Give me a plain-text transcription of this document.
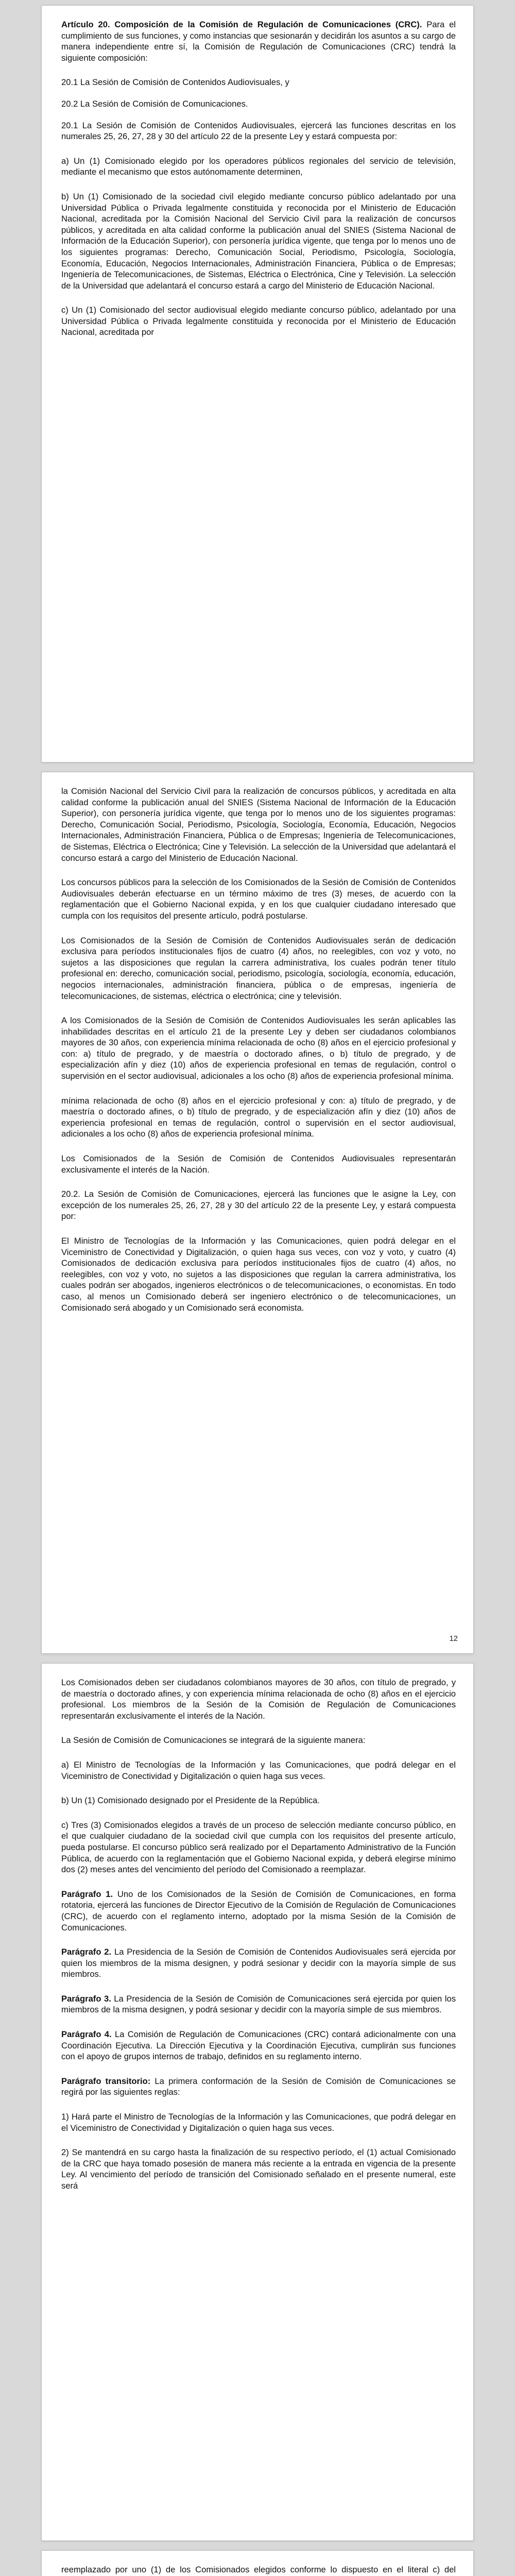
Artículo 20. Composición de la Comisión de Regulación de Comunicaciones (CRC). Para el cumplimiento de sus funciones, y como instancias que sesionarán y decidirán los asuntos a su cargo de manera independiente entre sí, la Comisión de Regulación de Comunicaciones (CRC) tendrá la siguiente composición:

20.1 La Sesión de Comisión de Contenidos Audiovisuales, y

20.2 La Sesión de Comisión de Comunicaciones.

20.1 La Sesión de Comisión de Contenidos Audiovisuales, ejercerá las funciones descritas en los numerales 25, 26, 27, 28 y 30 del artículo 22 de la presente Ley y estará compuesta por:

a) Un (1) Comisionado elegido por los operadores públicos regionales del servicio de televisión, mediante el mecanismo que estos autónomamente determinen,

b) Un (1) Comisionado de la sociedad civil elegido mediante concurso público adelantado por una Universidad Pública o Privada legalmente constituida y reconocida por el Ministerio de Educación Nacional, acreditada por la Comisión Nacional del Servicio Civil para la realización de concursos públicos, y acreditada en alta calidad conforme la publicación anual del SNIES (Sistema Nacional de Información de la Educación Superior), con personería jurídica vigente, que tenga por lo menos uno de los siguientes programas: Derecho, Comunicación Social, Periodismo, Psicología, Sociología, Economía, Educación, Negocios Internacionales, Administración Financiera, Pública o de Empresas; Ingeniería de Telecomunicaciones, de Sistemas, Eléctrica o Electrónica, Cine y Televisión. La selección de la Universidad que adelantará el concurso estará a cargo del Ministerio de Educación Nacional.

c) Un (1) Comisionado del sector audiovisual elegido mediante concurso público, adelantado por una Universidad Pública o Privada legalmente constituida y reconocida por el Ministerio de Educación Nacional, acreditada por

la Comisión Nacional del Servicio Civil para la realización de concursos públicos, y acreditada en alta calidad conforme la publicación anual del SNIES (Sistema Nacional de Información de la Educación Superior), con personería jurídica vigente, que tenga por lo menos uno de los siguientes programas: Derecho, Comunicación Social, Periodismo, Psicología, Sociología, Economía, Educación, Negocios Internacionales, Administración Financiera, Pública o de Empresas; Ingeniería de Telecomunicaciones, de Sistemas, Eléctrica o Electrónica; Cine y Televisión. La selección de la Universidad que adelantará el concurso estará a cargo del Ministerio de Educación Nacional.

Los concursos públicos para la selección de los Comisionados de la Sesión de Comisión de Contenidos Audiovisuales deberán efectuarse en un término máximo de tres (3) meses, de acuerdo con la reglamentación que el Gobierno Nacional expida, y en los que cualquier ciudadano interesado que cumpla con los requisitos del presente artículo, podrá postularse.

Los Comisionados de la Sesión de Comisión de Contenidos Audiovisuales serán de dedicación exclusiva para períodos institucionales fijos de cuatro (4) años, no reelegibles, con voz y voto, no sujetos a las disposiciones que regulan la carrera administrativa, los cuales podrán tener título profesional en: derecho, comunicación social, periodismo, psicología, sociología, economía, educación, negocios internacionales, administración financiera, pública o de empresas, ingeniería de telecomunicaciones, de sistemas, eléctrica o electrónica; cine y televisión.

A los Comisionados de la Sesión de Comisión de Contenidos Audiovisuales les serán aplicables las inhabilidades descritas en el artículo 21 de la presente Ley y deben ser ciudadanos colombianos mayores de 30 años, con experiencia mínima relacionada de ocho (8) años en el ejercicio profesional y con: a) título de pregrado, y de maestría o doctorado afines, o b) título de pregrado, y de especialización afín y diez (10) años de experiencia profesional en temas de regulación, control o supervisión en el sector audiovisual, adicionales a los ocho (8) años de experiencia profesional mínima.

mínima relacionada de ocho (8) años en el ejercicio profesional y con: a) título de pregrado, y de maestría o doctorado afines, o b) título de pregrado, y de especialización afín y diez (10) años de experiencia profesional en temas de regulación, control o supervisión en el sector audiovisual, adicionales a los ocho (8) años de experiencia profesional mínima.

Los Comisionados de la Sesión de Comisión de Contenidos Audiovisuales representarán exclusivamente el interés de la Nación.

20.2. La Sesión de Comisión de Comunicaciones, ejercerá las funciones que le asigne la Ley, con excepción de los numerales 25, 26, 27, 28 y 30 del artículo 22 de la presente Ley, y estará compuesta por:

El Ministro de Tecnologías de la Información y las Comunicaciones, quien podrá delegar en el Viceministro de Conectividad y Digitalización, o quien haga sus veces, con voz y voto, y cuatro (4) Comisionados de dedicación exclusiva para períodos institucionales fijos de cuatro (4) años, no reelegibles, con voz y voto, no sujetos a las disposiciones que regulan la carrera administrativa, los cuales podrán ser abogados, ingenieros electrónicos o de telecomunicaciones, o economistas. En todo caso, al menos un Comisionado deberá ser ingeniero electrónico o de telecomunicaciones, un Comisionado será abogado y un Comisionado será economista.

12

Los Comisionados deben ser ciudadanos colombianos mayores de 30 años, con título de pregrado, y de maestría o doctorado afines, y con experiencia mínima relacionada de ocho (8) años en el ejercicio profesional. Los miembros de la Sesión de la Comisión de Regulación de Comunicaciones representarán exclusivamente el interés de la Nación.

La Sesión de Comisión de Comunicaciones se integrará de la siguiente manera:

a) El Ministro de Tecnologías de la Información y las Comunicaciones, que podrá delegar en el Viceministro de Conectividad y Digitalización o quien haga sus veces.

b) Un (1) Comisionado designado por el Presidente de la República.

c) Tres (3) Comisionados elegidos a través de un proceso de selección mediante concurso público, en el que cualquier ciudadano de la sociedad civil que cumpla con los requisitos del presente artículo, pueda postularse. El concurso público será realizado por el Departamento Administrativo de la Función Pública, de acuerdo con la reglamentación que el Gobierno Nacional expida, y deberá elegirse mínimo dos (2) meses antes del vencimiento del período del Comisionado a reemplazar.

Parágrafo 1. Uno de los Comisionados de la Sesión de Comisión de Comunicaciones, en forma rotatoria, ejercerá las funciones de Director Ejecutivo de la Comisión de Regulación de Comunicaciones (CRC), de acuerdo con el reglamento interno, adoptado por la misma Sesión de la Comisión de Comunicaciones.

Parágrafo 2. La Presidencia de la Sesión de Comisión de Contenidos Audiovisuales será ejercida por quien los miembros de la misma designen, y podrá sesionar y decidir con la mayoría simple de sus miembros.

Parágrafo 3. La Presidencia de la Sesión de Comisión de Comunicaciones será ejercida por quien los miembros de la misma designen, y podrá sesionar y decidir con la mayoría simple de sus miembros.

Parágrafo 4. La Comisión de Regulación de Comunicaciones (CRC) contará adicionalmente con una Coordinación Ejecutiva. La Dirección Ejecutiva y la Coordinación Ejecutiva, cumplirán sus funciones con el apoyo de grupos internos de trabajo, definidos en su reglamento interno.

Parágrafo transitorio: La primera conformación de la Sesión de Comisión de Comunicaciones se regirá por las siguientes reglas:

1) Hará parte el Ministro de Tecnologías de la Información y las Comunicaciones, que podrá delegar en el Viceministro de Conectividad y Digitalización o quien haga sus veces.

2) Se mantendrá en su cargo hasta la finalización de su respectivo período, el (1) actual Comisionado de la CRC que haya tomado posesión de manera más reciente a la entrada en vigencia de la presente Ley. Al vencimiento del período de transición del Comisionado señalado en el presente numeral, este será

reemplazado por uno (1) de los Comisionados elegidos conforme lo dispuesto en el literal c) del
